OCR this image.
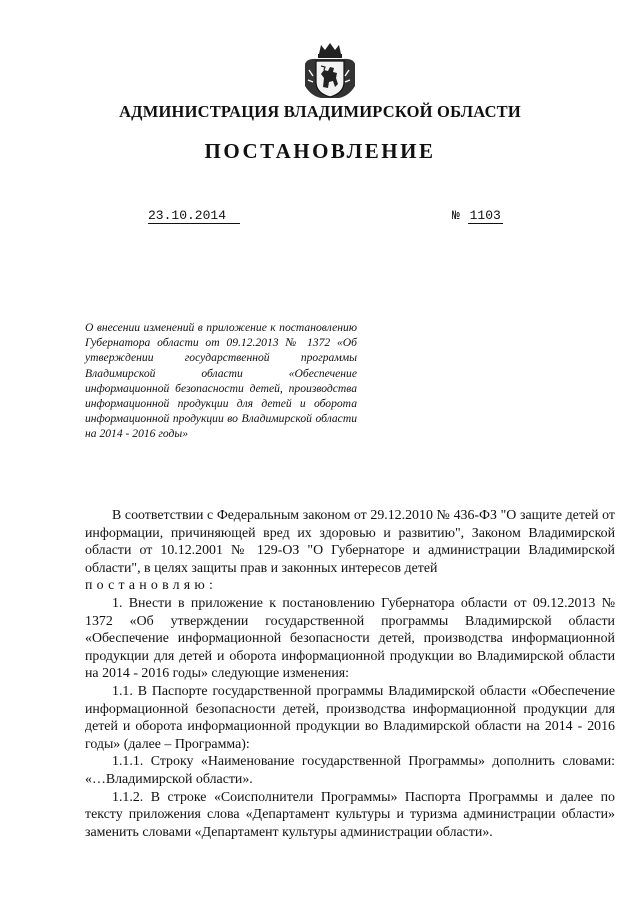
АДМИНИСТРАЦИЯ ВЛАДИМИРСКОЙ ОБЛАСТИ
ПОСТАНОВЛЕНИЕ
23.10.2014	№ 1103
О внесении изменений в приложение к постановлению Губернатора области от 09.12.2013 № 1372 «Об утверждении государственной программы Владимирской области «Обеспечение информационной безопасности детей, производства информационной продукции для детей и оборота информационной продукции во Владимирской области на 2014 - 2016 годы»

В соответствии с Федеральным законом от 29.12.2010 № 436-ФЗ "О защите детей от информации, причиняющей вред их здоровью и развитию", Законом Владимирской области от 10.12.2001 № 129-ОЗ "О Губернаторе и администрации Владимирской области", в целях защиты прав и законных интересов детей

постановляю:

1. Внести в приложение к постановлению Губернатора области от 09.12.2013 № 1372 «Об утверждении государственной программы Владимирской области «Обеспечение информационной безопасности детей, производства информационной продукции для детей и оборота информационной продукции во Владимирской области на 2014 - 2016 годы» следующие изменения:

1.1. В Паспорте государственной программы Владимирской области «Обеспечение информационной безопасности детей, производства информационной продукции для детей и оборота информационной продукции во Владимирской области на 2014 - 2016 годы» (далее – Программа):

1.1.1. Строку «Наименование государственной Программы» дополнить словами: «…Владимирской области».

1.1.2. В строке «Соисполнители Программы» Паспорта Программы и далее по тексту приложения слова «Департамент культуры и туризма администрации области» заменить словами «Департамент культуры администрации области».
